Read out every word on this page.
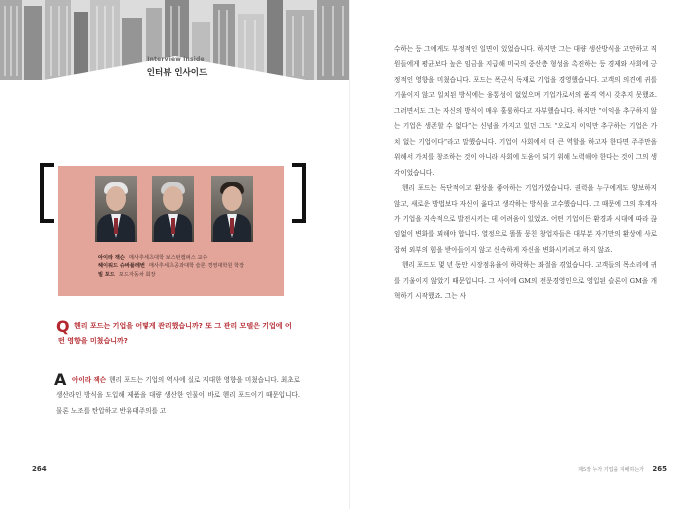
Interview inside
인터뷰 인사이드
아이라 잭슨 매사추세츠대학 보스턴캠퍼스 교수
헤이워드 슈바플레번 매사추세츠공과대학 슬론 경영대학원 학장
빌 포드 포드자동차 회장
Q 헨리 포드는 기업을 어떻게 관리했습니까? 또 그 관리 모델은 기업에 어떤 영향을 미쳤습니까?
A 아이라 잭슨 헨리 포드는 기업의 역사에 실로 지대한 영향을 미쳤습니다. 최초로 생산라인 방식을 도입해 제품을 대량 생산한 인물이 바로 헨리 포드이기 때문입니다. 물론 노조를 탄압하고 반유태주의를 고
264

수하는 등 그에게도 부정적인 일면이 있었습니다. 하지만 그는 대량 생산방식을 고안하고 직원들에게 평균보다 높은 임금을 지급해 미국의 중산층 형성을 촉진하는 등 경제와 사회에 긍정적인 영향을 미쳤습니다. 포드는 폭군식 독재로 기업을 경영했습니다. 고객의 의견에 귀를 기울이지 않고 일치된 방식에는 융통성이 없었으며 기업가로서의 품격 역시 갖추지 못했죠. 그러면서도 그는 자신의 방식이 매우 훌륭하다고 자부했습니다. 하지만 “이익을 추구하지 않는 기업은 생존할 수 없다”는 신념을 가지고 있던 그도 “오로지 이익만 추구하는 기업은 가치 없는 기업이다”라고 말했습니다. 기업이 사회에서 더 큰 역할을 하고자 한다면 주주만을 위해서 가치를 창조하는 것이 아니라 사회에 도움이 되기 위해 노력해야 한다는 것이 그의 생각이었습니다.

헨리 포드는 독단적이고 환상을 좋아하는 기업가였습니다. 권력을 누구에게도 양보하지 않고, 새로운 방법보다 자신이 옳다고 생각하는 방식을 고수했습니다. 그 때문에 그의 후계자가 기업을 지속적으로 발전시키는 데 어려움이 있었죠. 어떤 기업이든 환경과 시대에 따라 끊임없이 변화를 꾀해야 합니다. 열정으로 똘똘 뭉친 창업자들은 대부분 자기만의 환상에 사로잡혀 외부의 힘을 받아들이지 않고 신속하게 자신을 변화시키려고 하지 않죠.

헨리 포드도 몇 년 동안 시장점유율이 하락하는 좌절을 겪었습니다. 고객들의 목소리에 귀를 기울이지 않았기 때문입니다. 그 사이에 GM의 전문경영인으로 영입된 슬론이 GM을 개혁하기 시작했죠. 그는 사

제5장 누가 기업을 지배하는가 265
